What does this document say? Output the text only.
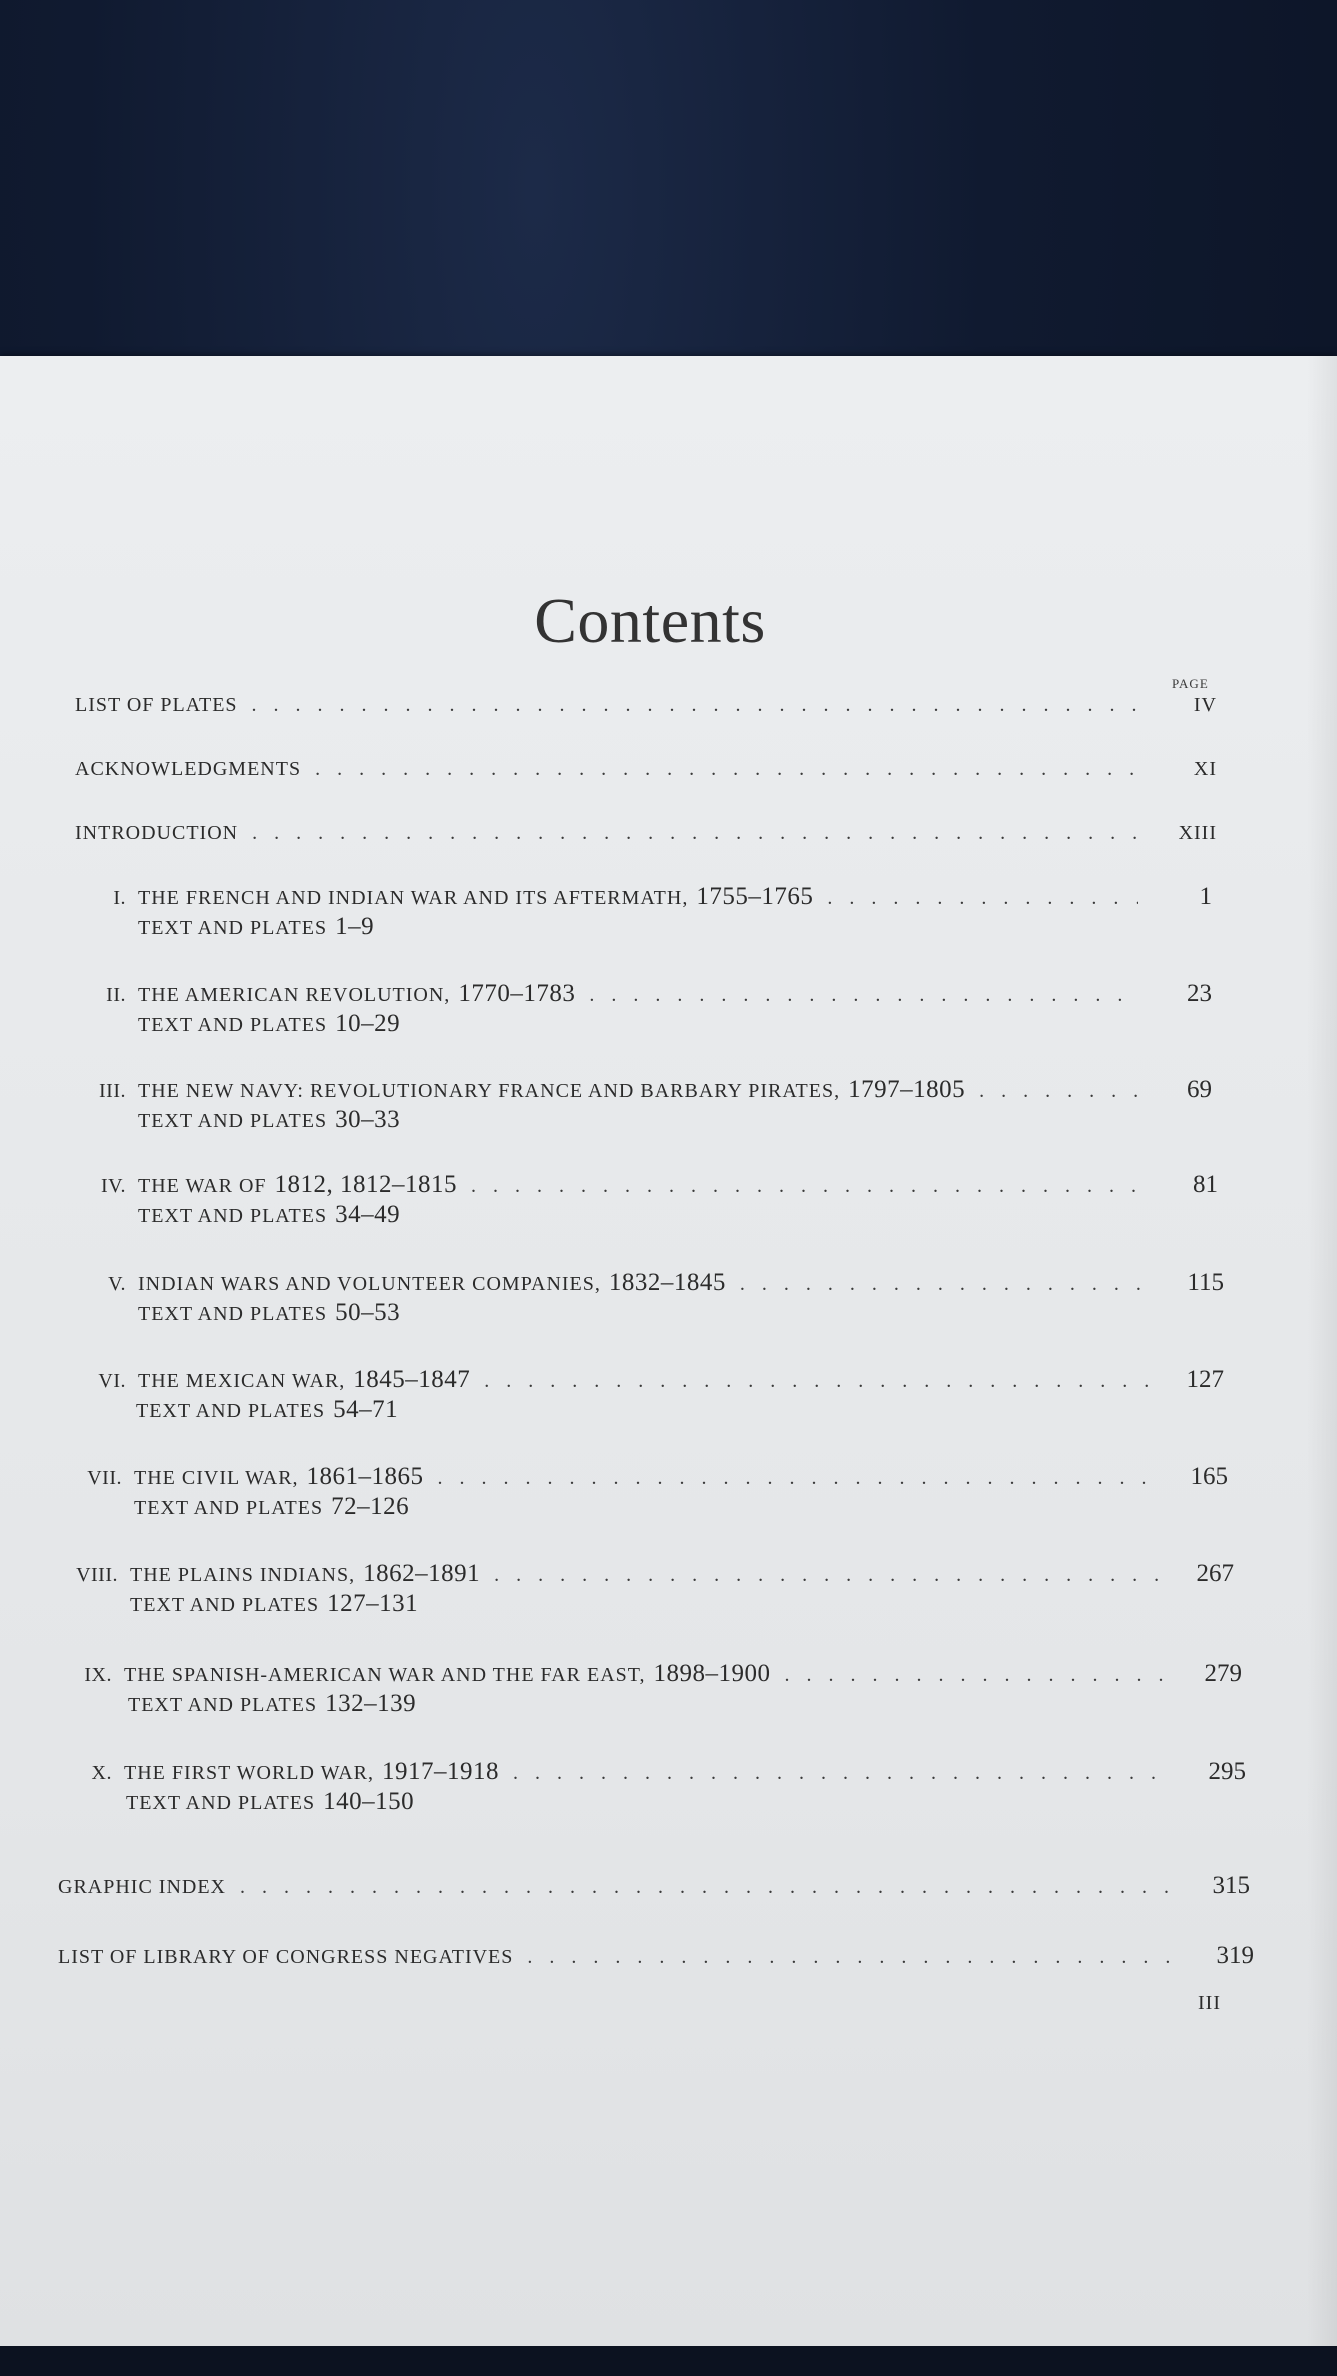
Contents
PAGE
LIST OF PLATES . . .	IV
ACKNOWLEDGMENTS . . .	XI
INTRODUCTION . . .	XIII
I. THE FRENCH AND INDIAN WAR AND ITS AFTERMATH, 1755–1765 . . .	1
TEXT AND PLATES 1–9
II. THE AMERICAN REVOLUTION, 1770–1783 . . .	23
TEXT AND PLATES 10–29
III. THE NEW NAVY: REVOLUTIONARY FRANCE AND BARBARY PIRATES, 1797–1805 . . .	69
TEXT AND PLATES 30–33
IV. THE WAR OF 1812, 1812–1815 . . .	81
TEXT AND PLATES 34–49
V. INDIAN WARS AND VOLUNTEER COMPANIES, 1832–1845 . . .	115
TEXT AND PLATES 50–53
VI. THE MEXICAN WAR, 1845–1847 . . .	127
TEXT AND PLATES 54–71
VII. THE CIVIL WAR, 1861–1865 . . .	165
TEXT AND PLATES 72–126
VIII. THE PLAINS INDIANS, 1862–1891 . . .	267
TEXT AND PLATES 127–131
IX. THE SPANISH-AMERICAN WAR AND THE FAR EAST, 1898–1900 . . .	279
TEXT AND PLATES 132–139
X. THE FIRST WORLD WAR, 1917–1918 . . .	295
TEXT AND PLATES 140–150
GRAPHIC INDEX . . .	315
LIST OF LIBRARY OF CONGRESS NEGATIVES . . .	319
III
